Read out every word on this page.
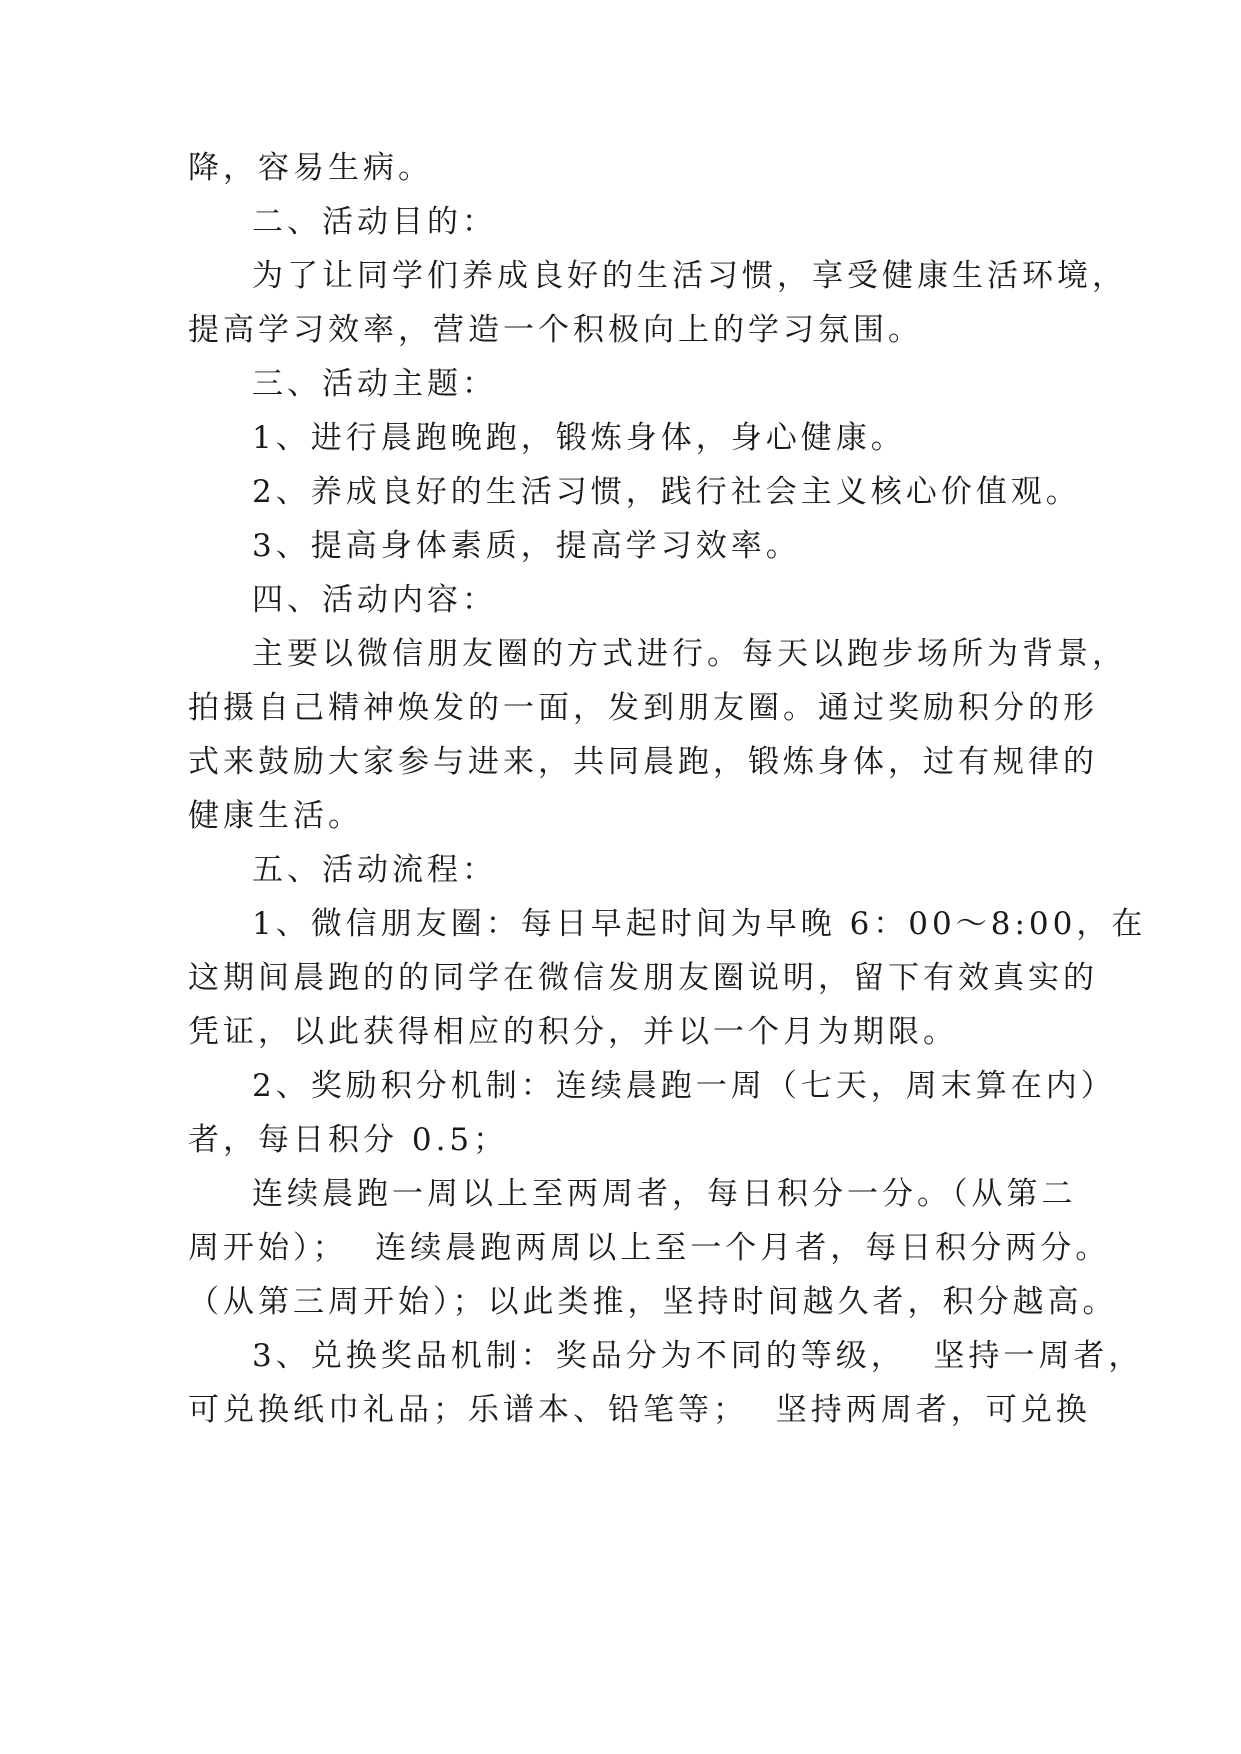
降，容易生病。
二、活动目的：
为了让同学们养成良好的生活习惯，享受健康生活环境，
提高学习效率，营造一个积极向上的学习氛围。
三、活动主题：
1、进行晨跑晚跑，锻炼身体，身心健康。
2、养成良好的生活习惯，践行社会主义核心价值观。
3、提高身体素质，提高学习效率。
四、活动内容：
主要以微信朋友圈的方式进行。每天以跑步场所为背景，
拍摄自己精神焕发的一面，发到朋友圈。通过奖励积分的形
式来鼓励大家参与进来，共同晨跑，锻炼身体，过有规律的
健康生活。
五、活动流程：
1、微信朋友圈：每日早起时间为早晚 6：00～8:00，在
这期间晨跑的的同学在微信发朋友圈说明，留下有效真实的
凭证，以此获得相应的积分，并以一个月为期限。
2、奖励积分机制：连续晨跑一周（七天，周末算在内）
者，每日积分 0.5；
连续晨跑一周以上至两周者，每日积分一分。（从第二
周开始）；  连续晨跑两周以上至一个月者，每日积分两分。
（从第三周开始）；以此类推，坚持时间越久者，积分越高。
3、兑换奖品机制：奖品分为不同的等级，  坚持一周者，
可兑换纸巾礼品；乐谱本、铅笔等；  坚持两周者，可兑换
